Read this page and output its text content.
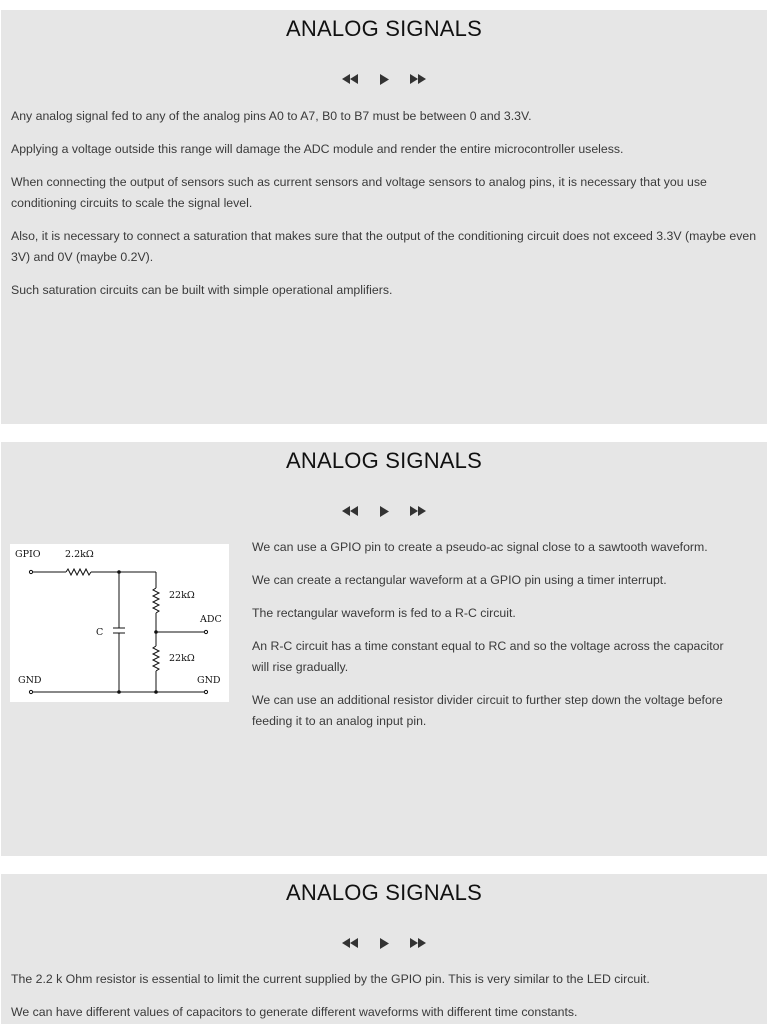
ANALOG SIGNALS

Any analog signal fed to any of the analog pins A0 to A7, B0 to B7 must be between 0 and 3.3V.

Applying a voltage outside this range will damage the ADC module and render the entire microcontroller useless.

When connecting the output of sensors such as current sensors and voltage sensors to analog pins, it is necessary that you use conditioning circuits to scale the signal level.

Also, it is necessary to connect a saturation that makes sure that the output of the conditioning circuit does not exceed 3.3V (maybe even 3V) and 0V (maybe 0.2V).

Such saturation circuits can be built with simple operational amplifiers.

ANALOG SIGNALS
GPIO	2.2kΩ
22kΩ
22kΩ
C
ADC
GND	GND

We can use a GPIO pin to create a pseudo-ac signal close to a sawtooth waveform.

We can create a rectangular waveform at a GPIO pin using a timer interrupt.

The rectangular waveform is fed to a R-C circuit.

An R-C circuit has a time constant equal to RC and so the voltage across the capacitor will rise gradually.

We can use an additional resistor divider circuit to further step down the voltage before feeding it to an analog input pin.

ANALOG SIGNALS

The 2.2 k Ohm resistor is essential to limit the current supplied by the GPIO pin. This is very similar to the LED circuit.

We can have different values of capacitors to generate different waveforms with different time constants.
